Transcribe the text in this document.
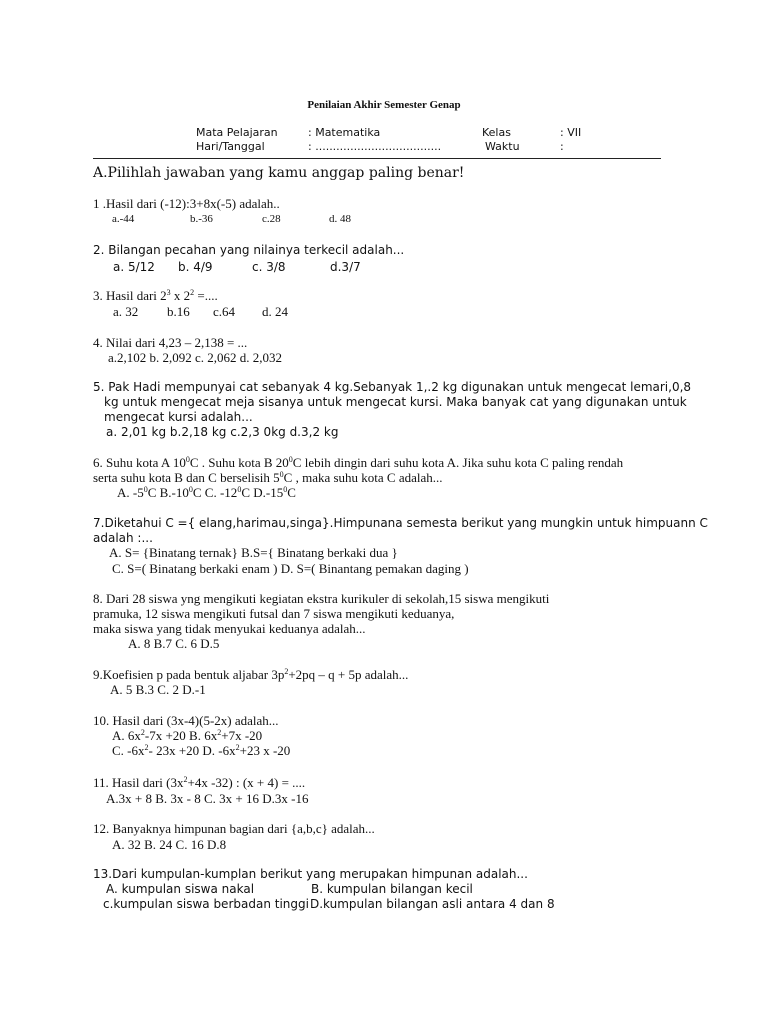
Penilaian Akhir Semester Genap
Mata Pelajaran	: Matematika	Kelas	: VII
Hari/Tanggal	: ....................................	Waktu	:
A.Pilihlah jawaban yang kamu anggap paling benar!
1 .Hasil dari (-12):3+8x(-5) adalah..
a.-44	b.-36	c.28	d. 48
2. Bilangan pecahan yang nilainya terkecil adalah...
a. 5/12 b. 4/9	c. 3/8	d.3/7
3. Hasil dari $2^3$ x $2^2$ =....
a. 32 b.16 c.64 d. 24
4. Nilai dari 4,23 – 2,138 = ...
a.2,102 b. 2,092 c. 2,062 d. 2,032
5. Pak Hadi mempunyai cat sebanyak 4 kg.Sebanyak 1,.2 kg digunakan untuk mengecat lemari,0,8
kg untuk mengecat meja sisanya untuk mengecat kursi. Maka banyak cat yang digunakan untuk
mengecat kursi adalah...
a. 2,01 kg b.2,18 kg c.2,3 0kg d.3,2 kg
6. Suhu kota A $10^0C$ . Suhu kota B $20^0C$ lebih dingin dari suhu kota A. Jika suhu kota C paling rendah
serta suhu kota B dan C berselisih $5^0C$ , maka suhu kota C adalah...
A. $-5^0C$ $B.-10^0C$ C. $-12^0C$ $D.-15^0C$
7.Diketahui C ={ elang,harimau,singa}.Himpunana semesta berikut yang mungkin untuk himpuann C
adalah :...
A. S= {Binatang ternak} B.S={ Binatang berkaki dua }
C. S=( Binatang berkaki enam ) D. S=( Binantang pemakan daging )
8. Dari 28 siswa yng mengikuti kegiatan ekstra kurikuler di sekolah,15 siswa mengikuti
pramuka, 12 siswa mengikuti futsal dan 7 siswa mengikuti keduanya,
maka siswa yang tidak menyukai keduanya adalah...
A. 8 B.7 C. 6 D.5
9.Koefisien p pada bentuk aljabar $3p^2+2pq - q + 5p$ adalah...
A. 5 B.3 C. 2 D.-1
10. Hasil dari (3x-4)(5-2x) adalah...
A. $6x^2-7x +20$ B. $6x^2+7x$ -20
C. $-6x^2-$ 23x +20 D. $-6x^2+23$ x -20
11. Hasil dari ($3x^2+4x$ -32) : (x + 4) = ....
A.3x + 8 B. 3x - 8 C. 3x + 16 D.3x -16
12. Banyaknya himpunan bagian dari {a,b,c} adalah...
A. 32 B. 24 C. 16 D.8
13.Dari kumpulan-kumplan berikut yang merupakan himpunan adalah...
A. kumpulan siswa nakal	B. kumpulan bilangan kecil
c.kumpulan siswa berbadan tinggi D.kumpulan bilangan asli antara 4 dan 8
